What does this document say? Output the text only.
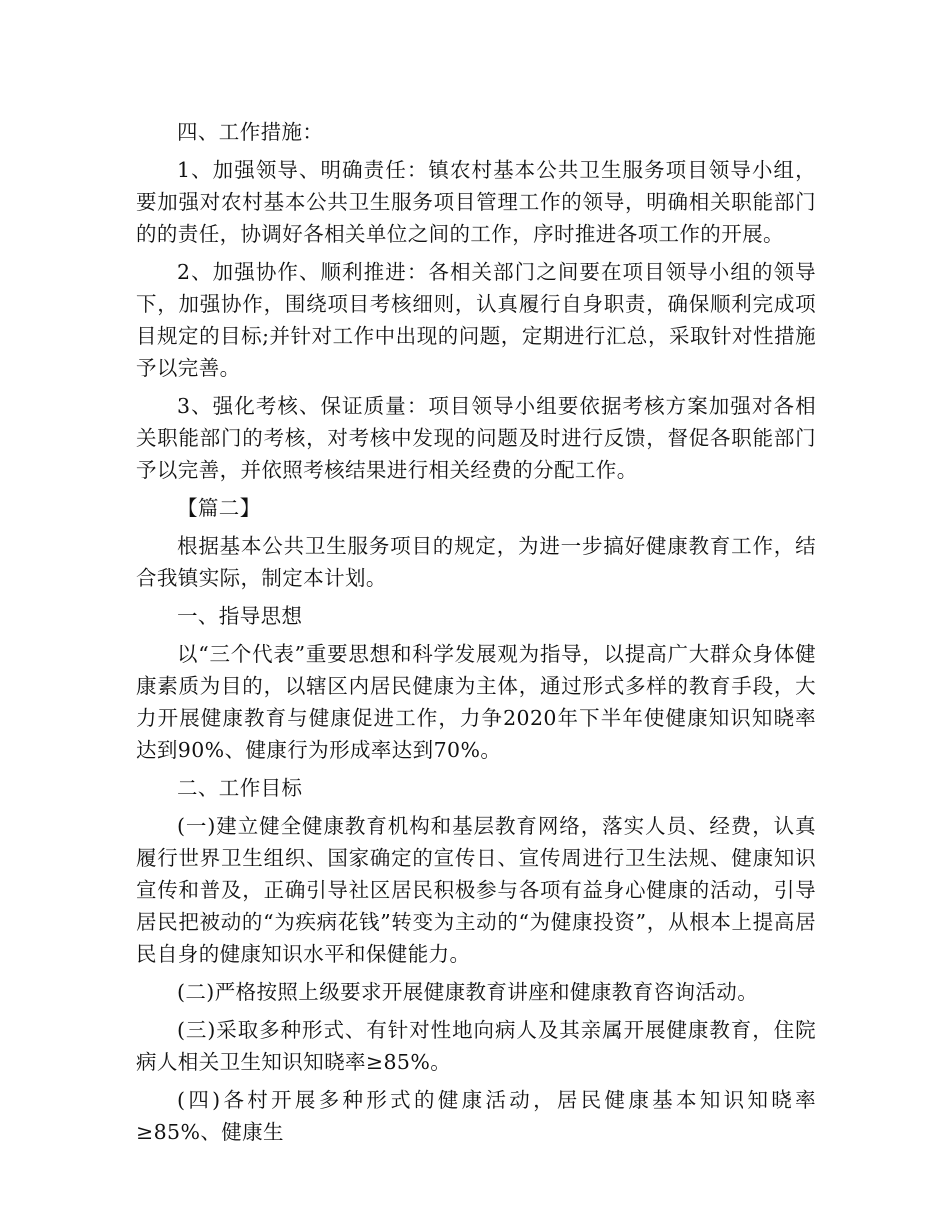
四、工作措施：

1、加强领导、明确责任：镇农村基本公共卫生服务项目领导小组，要加强对农村基本公共卫生服务项目管理工作的领导，明确相关职能部门的的责任，协调好各相关单位之间的工作，序时推进各项工作的开展。

2、加强协作、顺利推进：各相关部门之间要在项目领导小组的领导下，加强协作，围绕项目考核细则，认真履行自身职责，确保顺利完成项目规定的目标;并针对工作中出现的问题，定期进行汇总，采取针对性措施予以完善。

3、强化考核、保证质量：项目领导小组要依据考核方案加强对各相关职能部门的考核，对考核中发现的问题及时进行反馈，督促各职能部门予以完善，并依照考核结果进行相关经费的分配工作。

【篇二】

根据基本公共卫生服务项目的规定，为进一步搞好健康教育工作，结合我镇实际，制定本计划。

一、指导思想

以“三个代表”重要思想和科学发展观为指导，以提高广大群众身体健康素质为目的，以辖区内居民健康为主体，通过形式多样的教育手段，大力开展健康教育与健康促进工作，力争2020年下半年使健康知识知晓率达到90%、健康行为形成率达到70%。

二、工作目标

(一)建立健全健康教育机构和基层教育网络，落实人员、经费，认真履行世界卫生组织、国家确定的宣传日、宣传周进行卫生法规、健康知识宣传和普及，正确引导社区居民积极参与各项有益身心健康的活动，引导居民把被动的“为疾病花钱”转变为主动的“为健康投资”，从根本上提高居民自身的健康知识水平和保健能力。

(二)严格按照上级要求开展健康教育讲座和健康教育咨询活动。

(三)采取多种形式、有针对性地向病人及其亲属开展健康教育，住院病人相关卫生知识知晓率≥85%。

(四)各村开展多种形式的健康活动，居民健康基本知识知晓率≥85%、健康生
